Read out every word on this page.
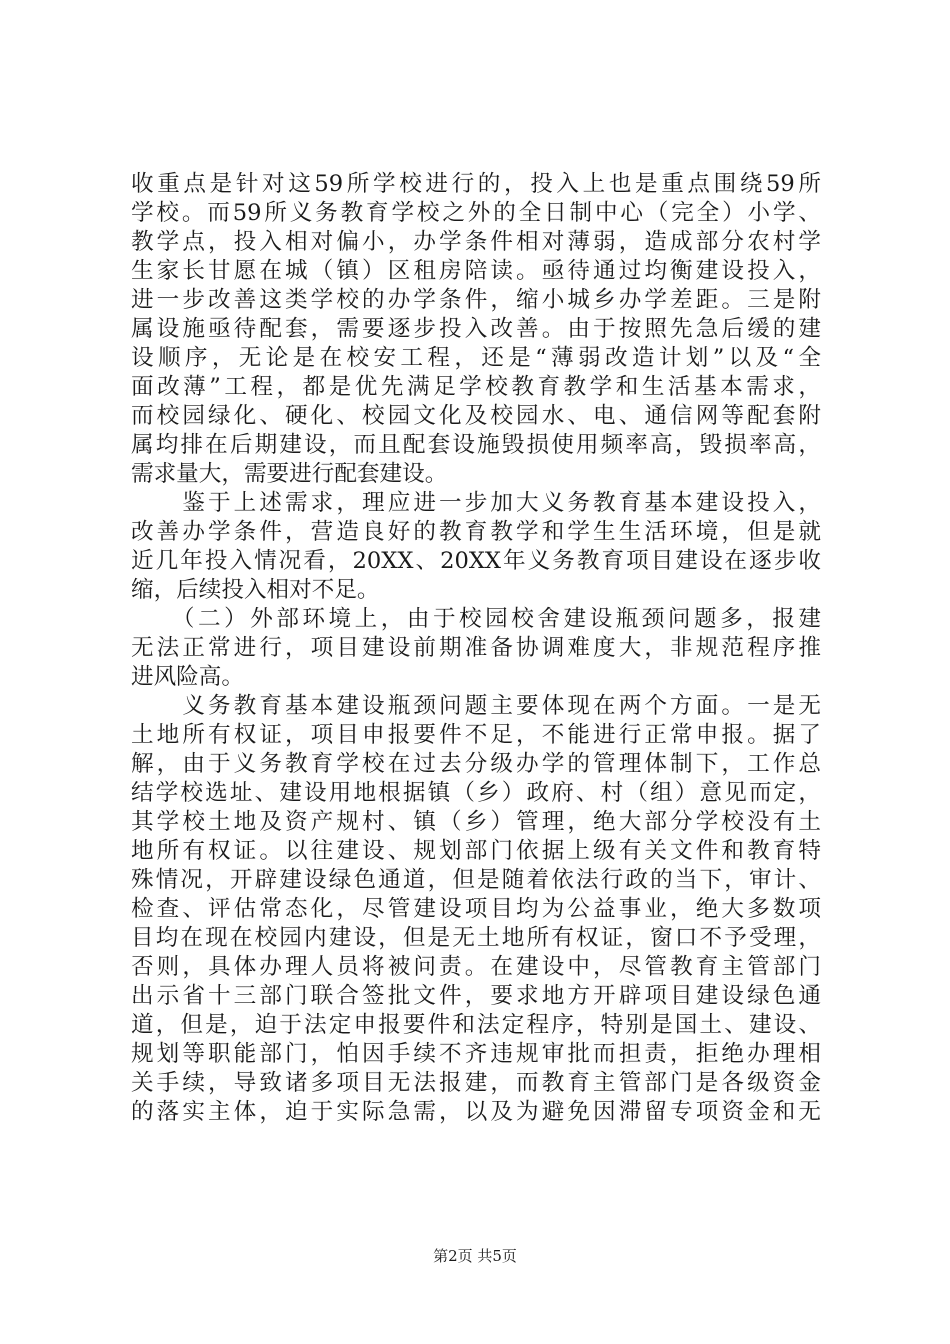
收重点是针对这59所学校进行的，投入上也是重点围绕59所
学校。而59所义务教育学校之外的全日制中心（完全）小学、
教学点，投入相对偏小，办学条件相对薄弱，造成部分农村学
生家长甘愿在城（镇）区租房陪读。亟待通过均衡建设投入，
进一步改善这类学校的办学条件，缩小城乡办学差距。三是附
属设施亟待配套，需要逐步投入改善。由于按照先急后缓的建
设顺序，无论是在校安工程，还是“薄弱改造计划”以及“全
面改薄”工程，都是优先满足学校教育教学和生活基本需求，
而校园绿化、硬化、校园文化及校园水、电、通信网等配套附
属均排在后期建设，而且配套设施毁损使用频率高，毁损率高，
需求量大，需要进行配套建设。
　　鉴于上述需求，理应进一步加大义务教育基本建设投入，
改善办学条件，营造良好的教育教学和学生生活环境，但是就
近几年投入情况看，20XX、20XX年义务教育项目建设在逐步收
缩，后续投入相对不足。
　　（二）外部环境上，由于校园校舍建设瓶颈问题多，报建
无法正常进行，项目建设前期准备协调难度大，非规范程序推
进风险高。
　　义务教育基本建设瓶颈问题主要体现在两个方面。一是无
土地所有权证，项目申报要件不足，不能进行正常申报。据了
解，由于义务教育学校在过去分级办学的管理体制下，工作总
结学校选址、建设用地根据镇（乡）政府、村（组）意见而定，
其学校土地及资产规村、镇（乡）管理，绝大部分学校没有土
地所有权证。以往建设、规划部门依据上级有关文件和教育特
殊情况，开辟建设绿色通道，但是随着依法行政的当下，审计、
检查、评估常态化，尽管建设项目均为公益事业，绝大多数项
目均在现在校园内建设，但是无土地所有权证，窗口不予受理，
否则，具体办理人员将被问责。在建设中，尽管教育主管部门
出示省十三部门联合签批文件，要求地方开辟项目建设绿色通
道，但是，迫于法定申报要件和法定程序，特别是国土、建设、
规划等职能部门，怕因手续不齐违规审批而担责，拒绝办理相
关手续，导致诸多项目无法报建，而教育主管部门是各级资金
的落实主体，迫于实际急需，以及为避免因滞留专项资金和无
第2页 共5页
